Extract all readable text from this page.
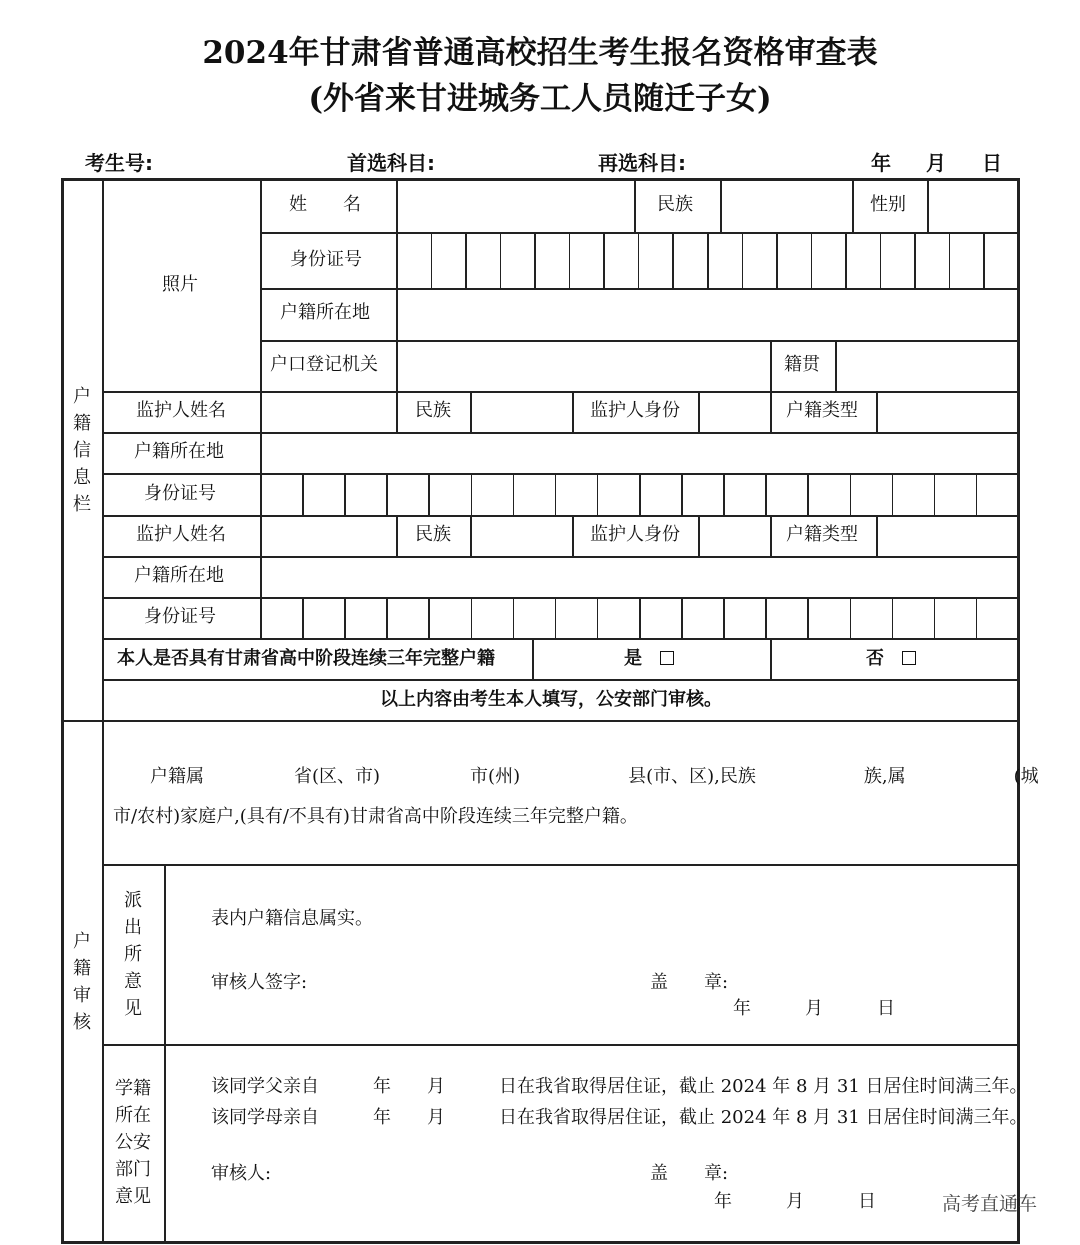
2024年甘肃省普通高校招生考生报名资格审查表
(外省来甘进城务工人员随迁子女)
考生号:	首选科目:	再选科目:	年 月 日
户籍信息栏
照片
姓　　名	民族	性别
身份证号
户籍所在地
户口登记机关	籍贯
监护人姓名	民族	监护人身份	户籍类型
户籍所在地
身份证号
监护人姓名	民族	监护人身份	户籍类型
户籍所在地
身份证号
本人是否具有甘肃省高中阶段连续三年完整户籍	是	否
以上内容由考生本人填写，公安部门审核。
户籍审核
户籍属　　　　　省(区、市)　　　　　市(州)　　　　　　县(市、区),民族　　　　　　族,属　　　　　　(城
市/农村)家庭户,(具有/不具有)甘肃省高中阶段连续三年完整户籍。
派出所意见
表内户籍信息属实。
审核人签字:	盖　　章:
年　　　月　　　日
学籍所在公安部门意见
该同学父亲自　　　年　　月　　　日在我省取得居住证，截止 2024 年 8 月 31 日居住时间满三年。
该同学母亲自　　　年　　月　　　日在我省取得居住证，截止 2024 年 8 月 31 日居住时间满三年。
审核人:	盖　　章:
年　　　月　　　日	高考直通车
